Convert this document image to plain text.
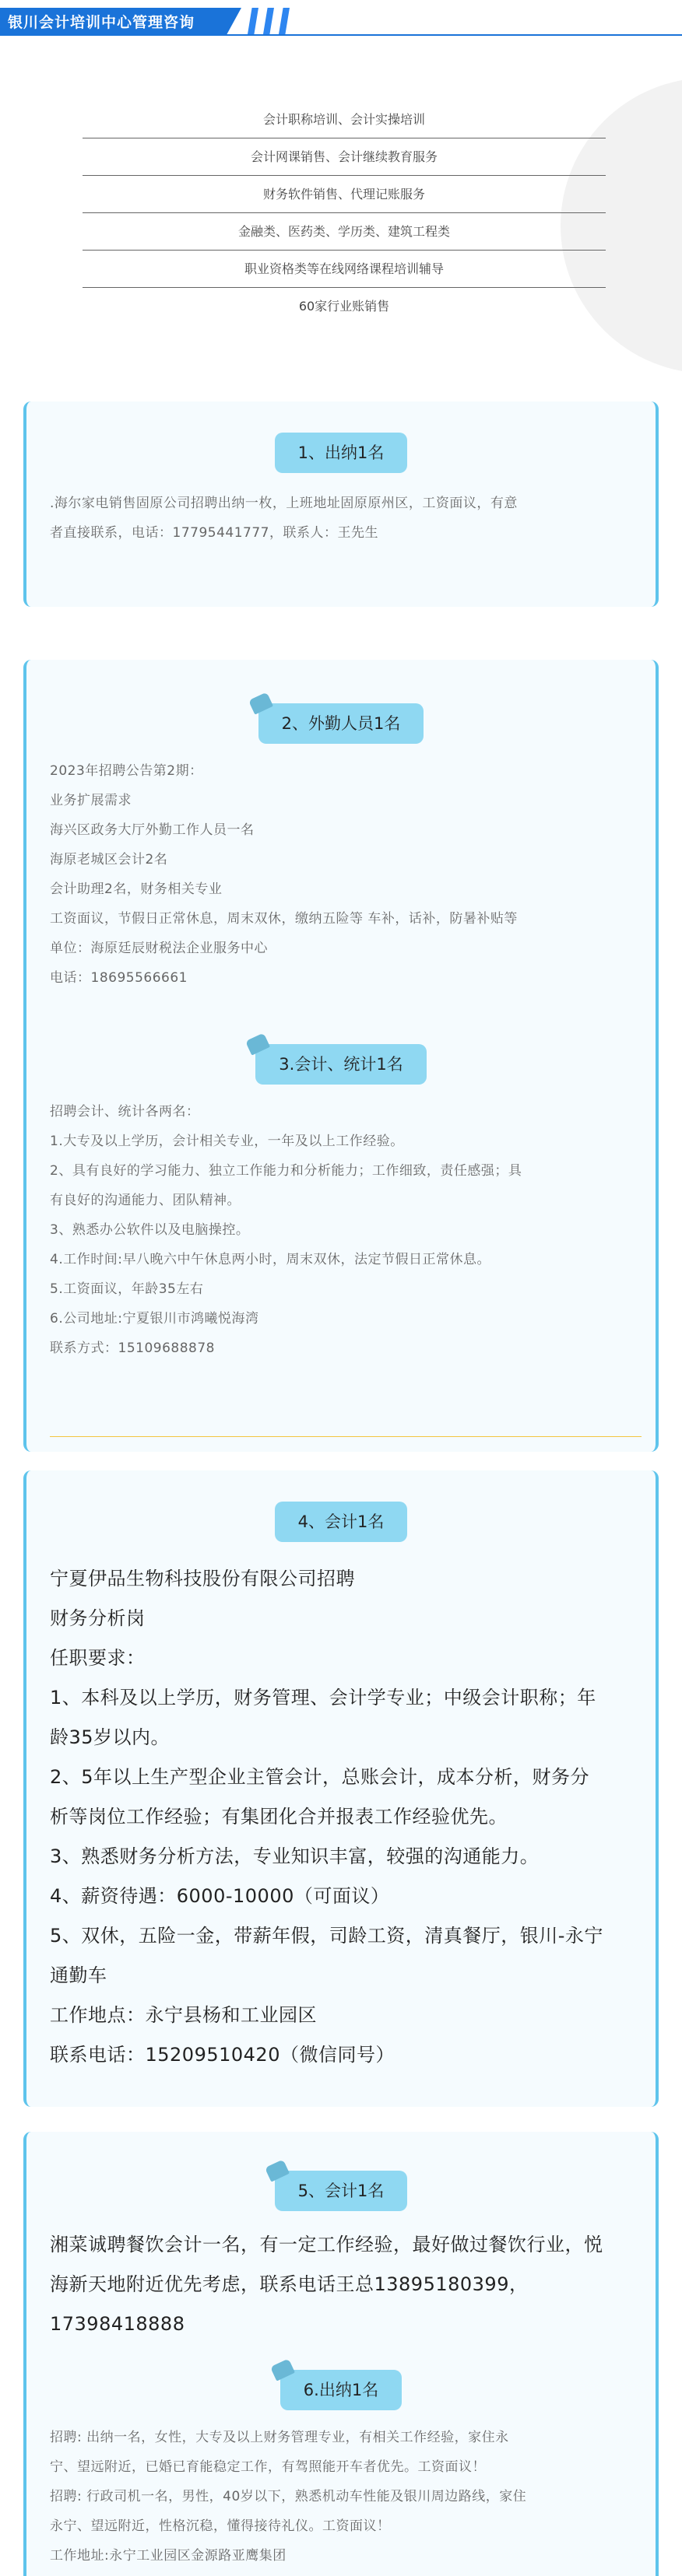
银川会计培训中心管理咨询
会计职称培训、会计实操培训
会计网课销售、会计继续教育服务
财务软件销售、代理记账服务
金融类、医药类、学历类、建筑工程类
职业资格类等在线网络课程培训辅导
60家行业账销售
1、出纳1名

.海尔家电销售固原公司招聘出纳一枚，上班地址固原原州区，工资面议，有意

者直接联系，电话：17795441777，联系人：王先生

2、外勤人员1名

2023年招聘公告第2期：

业务扩展需求

海兴区政务大厅外勤工作人员一名

海原老城区会计2名

会计助理2名，财务相关专业

工资面议，节假日正常休息，周末双休，缴纳五险等 车补，话补，防暑补贴等

单位：海原廷辰财税法企业服务中心

电话：18695566661

3.会计、统计1名

招聘会计、统计各两名：

1.大专及以上学历，会计相关专业，一年及以上工作经验。

2、具有良好的学习能力、独立工作能力和分析能力；工作细致，责任感强；具

有良好的沟通能力、团队精神。

3、熟悉办公软件以及电脑操控。

4.工作时间:早八晚六中午休息两小时，周末双休，法定节假日正常休息。

5.工资面议，年龄35左右

6.公司地址:宁夏银川市鸿曦悦海湾

联系方式：15109688878

4、会计1名

宁夏伊品生物科技股份有限公司招聘

财务分析岗

任职要求：

1、本科及以上学历，财务管理、会计学专业；中级会计职称；年

龄35岁以内。

2、5年以上生产型企业主管会计，总账会计，成本分析，财务分

析等岗位工作经验；有集团化合并报表工作经验优先。

3、熟悉财务分析方法，专业知识丰富，较强的沟通能力。

4、薪资待遇：6000-10000（可面议）

5、双休，五险一金，带薪年假，司龄工资，清真餐厅，银川-永宁

通勤车

工作地点：永宁县杨和工业园区

联系电话：15209510420（微信同号）

5、会计1名

湘菜诚聘餐饮会计一名，有一定工作经验，最好做过餐饮行业，悦

海新天地附近优先考虑，联系电话王总13895180399，

17398418888

6.出纳1名

招聘: 出纳一名，女性，大专及以上财务管理专业，有相关工作经验，家住永

宁、望远附近，已婚已育能稳定工作，有驾照能开车者优先。工资面议！

招聘: 行政司机一名，男性，40岁以下，熟悉机动车性能及银川周边路线，家住

永宁、望远附近，性格沉稳，懂得接待礼仪。工资面议！

工作地址:永宁工业园区金源路亚鹰集团
